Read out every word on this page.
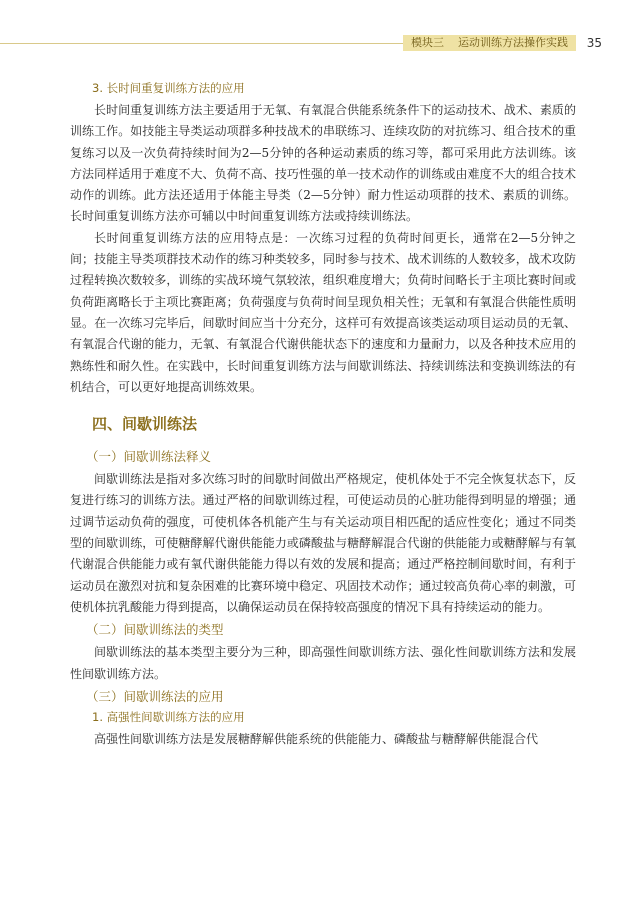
模块三 运动训练方法操作实践	35
3. 长时间重复训练方法的应用

长时间重复训练方法主要适用于无氧、有氧混合供能系统条件下的运动技术、战术、素质的训练工作。如技能主导类运动项群多种技战术的串联练习、连续攻防的对抗练习、组合技术的重复练习以及一次负荷持续时间为2—5分钟的各种运动素质的练习等，都可采用此方法训练。该方法同样适用于难度不大、负荷不高、技巧性强的单一技术动作的训练或由难度不大的组合技术动作的训练。此方法还适用于体能主导类（2—5分钟）耐力性运动项群的技术、素质的训练。长时间重复训练方法亦可辅以中时间重复训练方法或持续训练法。

长时间重复训练方法的应用特点是：一次练习过程的负荷时间更长，通常在2—5分钟之间；技能主导类项群技术动作的练习种类较多，同时参与技术、战术训练的人数较多，战术攻防过程转换次数较多，训练的实战环境气氛较浓，组织难度增大；负荷时间略长于主项比赛时间或负荷距离略长于主项比赛距离；负荷强度与负荷时间呈现负相关性；无氧和有氧混合供能性质明显。在一次练习完毕后，间歇时间应当十分充分，这样可有效提高该类运动项目运动员的无氧、有氧混合代谢的能力，无氧、有氧混合代谢供能状态下的速度和力量耐力，以及各种技术应用的熟练性和耐久性。在实践中，长时间重复训练方法与间歇训练法、持续训练法和变换训练法的有机结合，可以更好地提高训练效果。

四、间歇训练法
（一）间歇训练法释义

间歇训练法是指对多次练习时的间歇时间做出严格规定，使机体处于不完全恢复状态下，反复进行练习的训练方法。通过严格的间歇训练过程，可使运动员的心脏功能得到明显的增强；通过调节运动负荷的强度，可使机体各机能产生与有关运动项目相匹配的适应性变化；通过不同类型的间歇训练，可使糖酵解代谢供能能力或磷酸盐与糖酵解混合代谢的供能能力或糖酵解与有氧代谢混合供能能力或有氧代谢供能能力得以有效的发展和提高；通过严格控制间歇时间，有利于运动员在激烈对抗和复杂困难的比赛环境中稳定、巩固技术动作；通过较高负荷心率的刺激，可使机体抗乳酸能力得到提高，以确保运动员在保持较高强度的情况下具有持续运动的能力。

（二）间歇训练法的类型

间歇训练法的基本类型主要分为三种，即高强性间歇训练方法、强化性间歇训练方法和发展性间歇训练方法。

（三）间歇训练法的应用
1. 高强性间歇训练方法的应用

高强性间歇训练方法是发展糖酵解供能系统的供能能力、磷酸盐与糖酵解供能混合代
